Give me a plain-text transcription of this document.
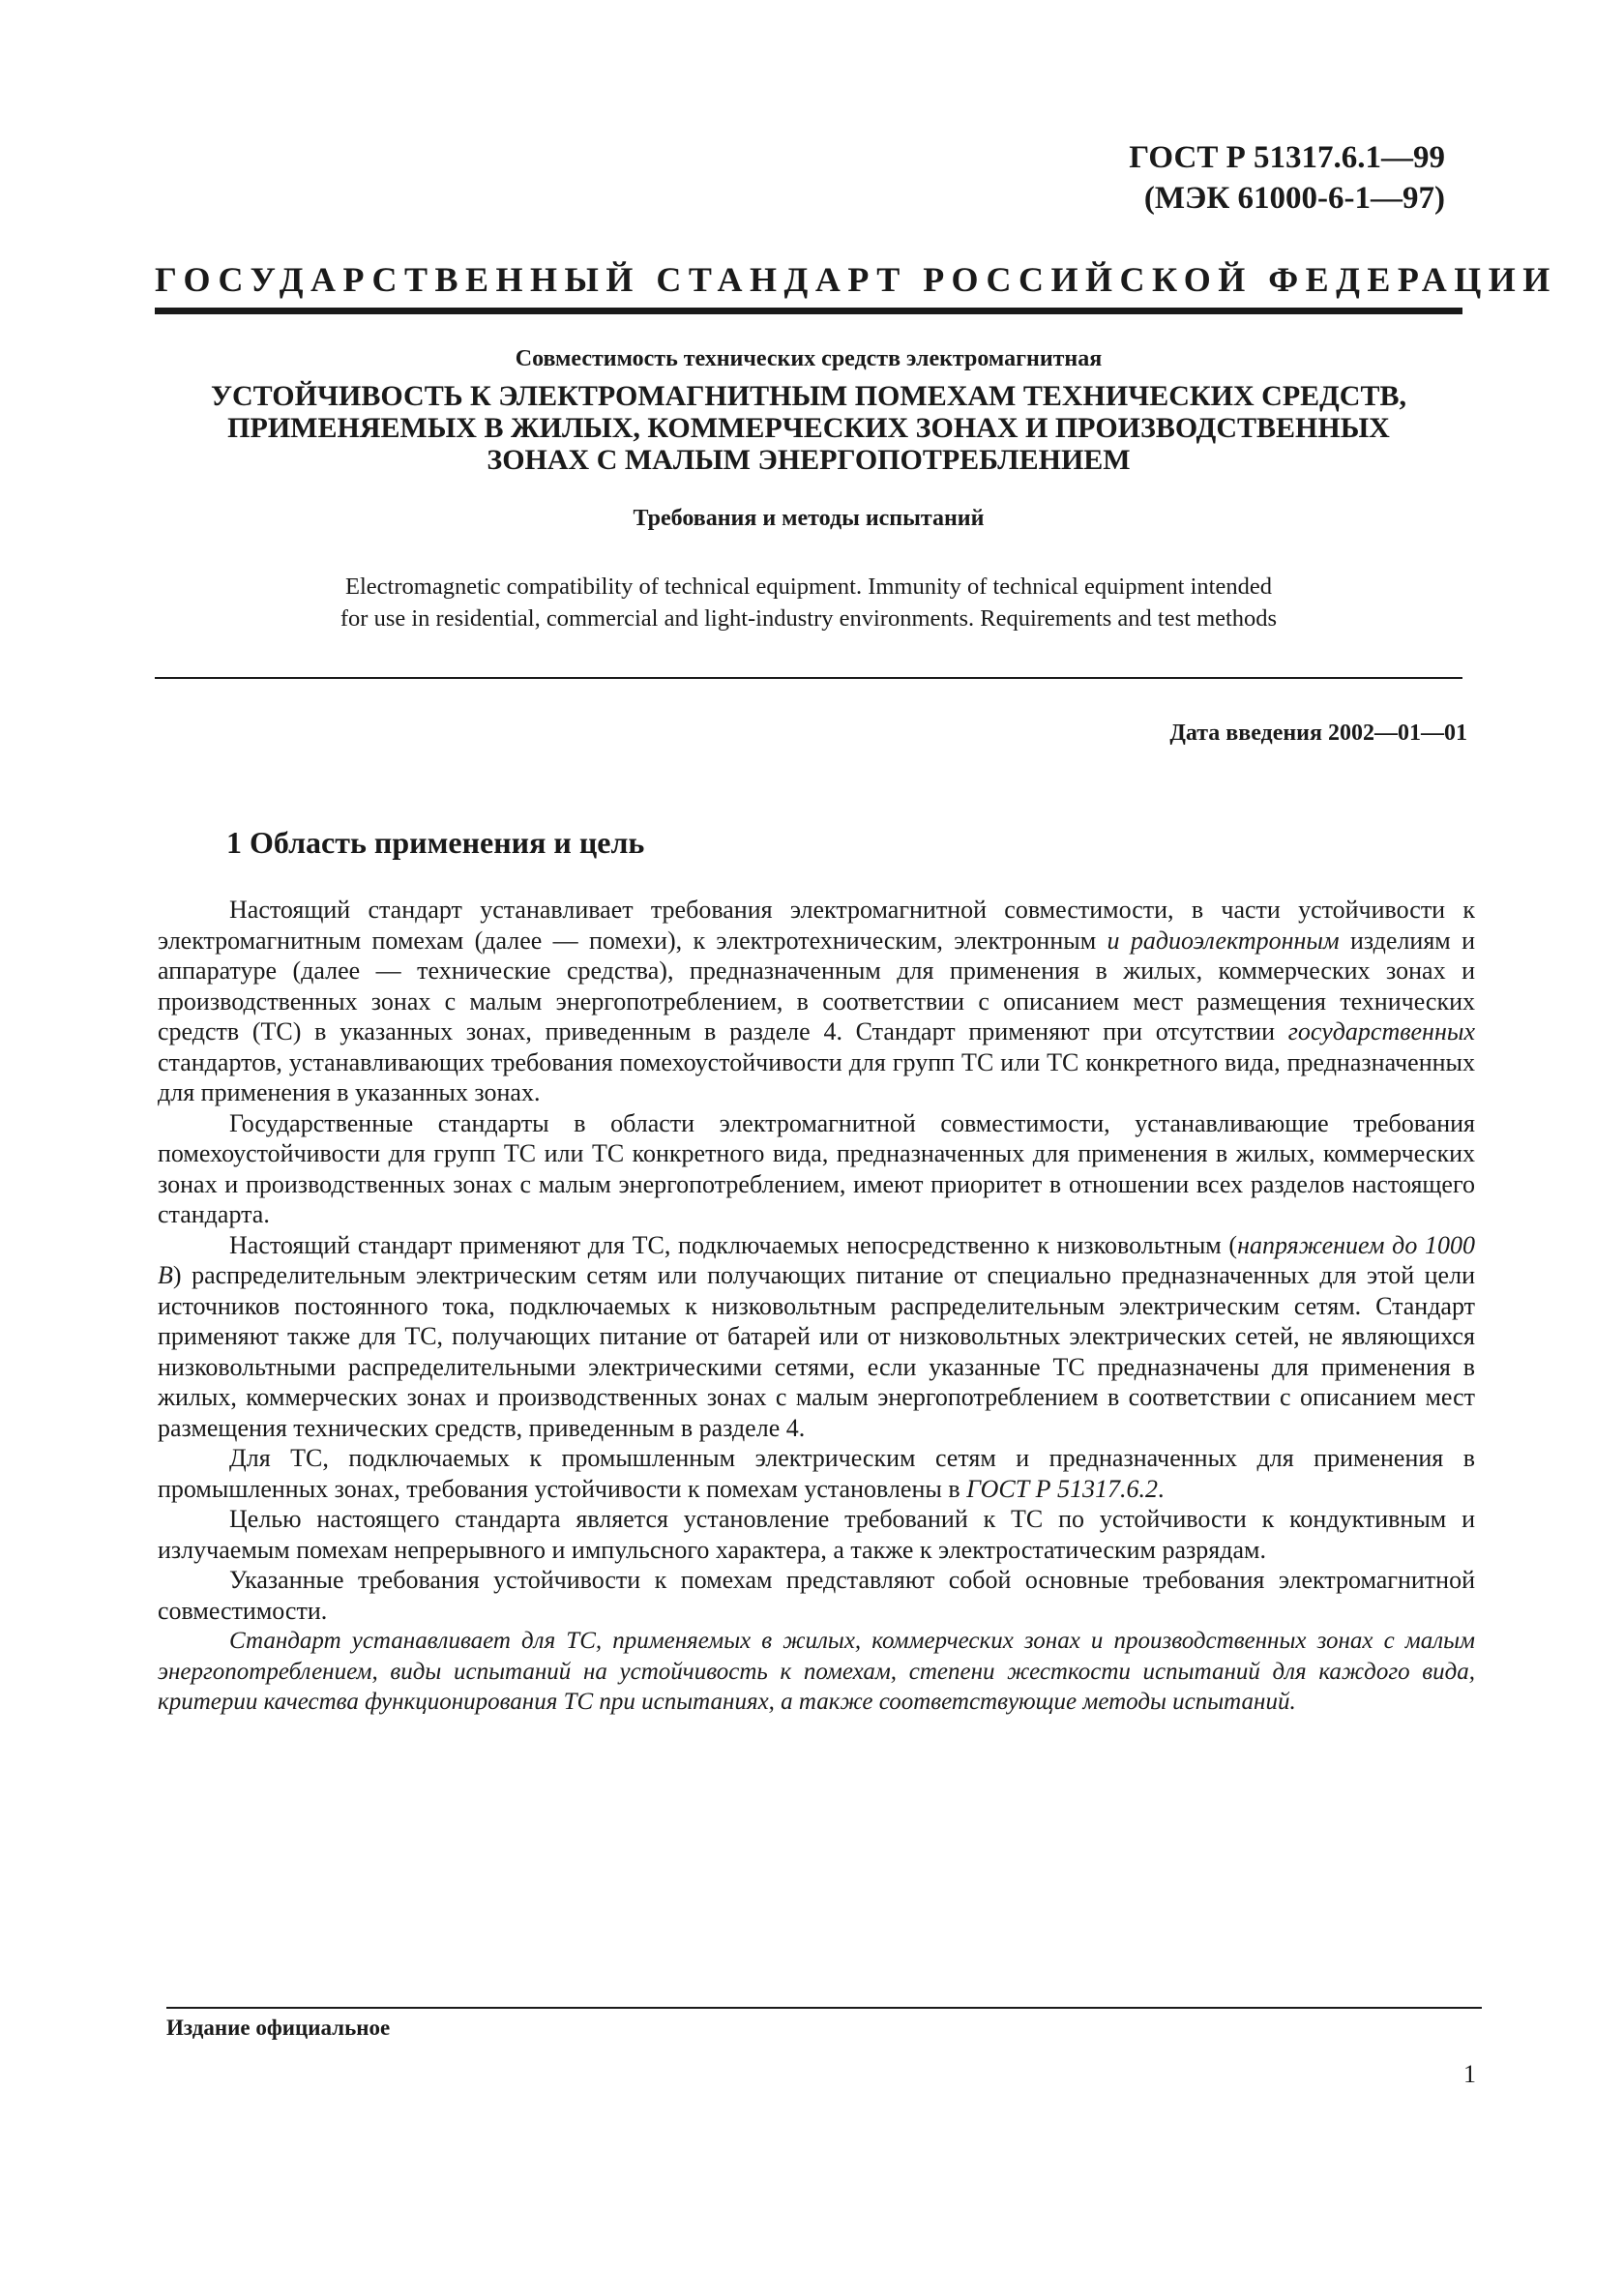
ГОСТ Р 51317.6.1—99
(МЭК 61000-6-1—97)
ГОСУДАРСТВЕННЫЙ СТАНДАРТ РОССИЙСКОЙ ФЕДЕРАЦИИ
Совместимость технических средств электромагнитная
УСТОЙЧИВОСТЬ К ЭЛЕКТРОМАГНИТНЫМ ПОМЕХАМ ТЕХНИЧЕСКИХ СРЕДСТВ,
ПРИМЕНЯЕМЫХ В ЖИЛЫХ, КОММЕРЧЕСКИХ ЗОНАХ И ПРОИЗВОДСТВЕННЫХ
ЗОНАХ С МАЛЫМ ЭНЕРГОПОТРЕБЛЕНИЕМ
Требования и методы испытаний
Electromagnetic compatibility of technical equipment. Immunity of technical equipment intended
for use in residential, commercial and light-industry environments. Requirements and test methods
Дата введения 2002—01—01
1 Область применения и цель

Настоящий стандарт устанавливает требования электромагнитной совместимости, в части устойчивости к электромагнитным помехам (далее — помехи), к электротехническим, электронным и радиоэлектронным изделиям и аппаратуре (далее — технические средства), предназначенным для применения в жилых, коммерческих зонах и производственных зонах с малым энергопотреблением, в соответствии с описанием мест размещения технических средств (ТС) в указанных зонах, приведенным в разделе 4. Стандарт применяют при отсутствии государственных стандартов, устанавливающих требования помехоустойчивости для групп ТС или ТС конкретного вида, предназначенных для применения в указанных зонах.

Государственные стандарты в области электромагнитной совместимости, устанавливающие требования помехоустойчивости для групп ТС или ТС конкретного вида, предназначенных для применения в жилых, коммерческих зонах и производственных зонах с малым энергопотреблением, имеют приоритет в отношении всех разделов настоящего стандарта.

Настоящий стандарт применяют для ТС, подключаемых непосредственно к низковольтным (напряжением до 1000 В) распределительным электрическим сетям или получающих питание от специально предназначенных для этой цели источников постоянного тока, подключаемых к низковольтным распределительным электрическим сетям. Стандарт применяют также для ТС, получающих питание от батарей или от низковольтных электрических сетей, не являющихся низковольтными распределительными электрическими сетями, если указанные ТС предназначены для применения в жилых, коммерческих зонах и производственных зонах с малым энергопотреблением в соответствии с описанием мест размещения технических средств, приведенным в разделе 4.

Для ТС, подключаемых к промышленным электрическим сетям и предназначенных для применения в промышленных зонах, требования устойчивости к помехам установлены в ГОСТ Р 51317.6.2.

Целью настоящего стандарта является установление требований к ТС по устойчивости к кондуктивным и излучаемым помехам непрерывного и импульсного характера, а также к электростатическим разрядам.

Указанные требования устойчивости к помехам представляют собой основные требования электромагнитной совместимости.

Стандарт устанавливает для ТС, применяемых в жилых, коммерческих зонах и производственных зонах с малым энергопотреблением, виды испытаний на устойчивость к помехам, степени жесткости испытаний для каждого вида, критерии качества функционирования ТС при испытаниях, а также соответствующие методы испытаний.

Издание официальное
1
